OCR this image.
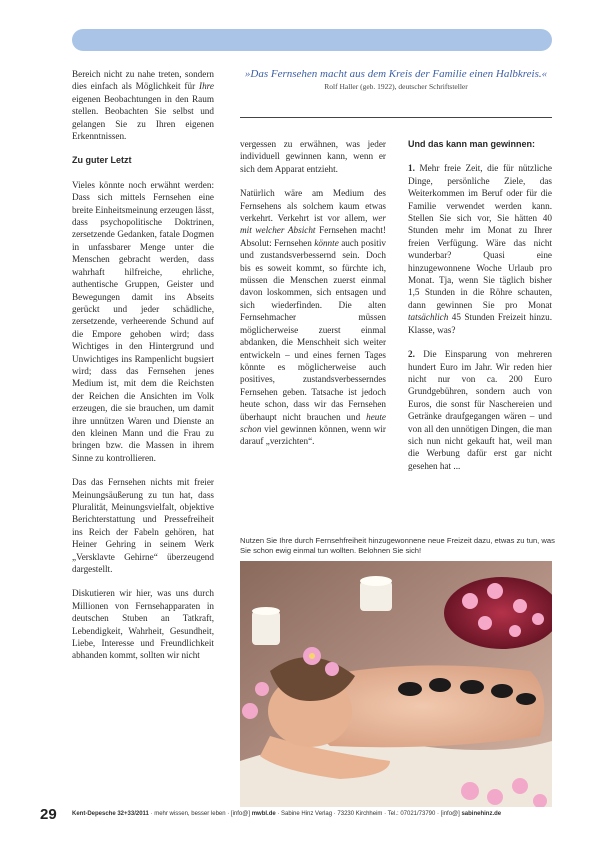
Bereich nicht zu nahe treten, sondern dies einfach als Möglichkeit für Ihre eigenen Beobachtungen in den Raum stellen. Beobachten Sie selbst und gelangen Sie zu Ihren eigenen Erkenntnissen.

Zu guter Letzt

Vieles könnte noch erwähnt werden: Dass sich mittels Fernsehen eine breite Einheitsmeinung erzeugen lässt, dass psychopolitische Doktrinen, zersetzende Gedanken, fatale Dogmen in unfassbarer Menge unter die Menschen gebracht werden, dass wahrhaft hilfreiche, ehrliche, authentische Gruppen, Geister und Bewegungen damit ins Abseits gerückt und jeder schädliche, zersetzende, verheerende Schund auf die Empore gehoben wird; dass Wichtiges in den Hintergrund und Unwichtiges ins Rampenlicht bugsiert wird; dass das Fernsehen jenes Medium ist, mit dem die Reichsten der Reichen die Ansichten im Volk erzeugen, die sie brauchen, um damit ihre unnützen Waren und Dienste an den kleinen Mann und die Frau zu bringen bzw. die Massen in ihrem Sinne zu kontrollieren.

Das das Fernsehen nichts mit freier Meinungsäußerung zu tun hat, dass Pluralität, Meinungsvielfalt, objektive Berichterstattung und Pressefreiheit ins Reich der Fabeln gehören, hat Heiner Gehring in seinem Werk „Versklavte Gehirne“ überzeugend dargestellt.

Diskutieren wir hier, was uns durch Millionen von Fernsehapparaten in deutschen Stuben an Tatkraft, Lebendigkeit, Wahrheit, Gesundheit, Liebe, Interesse und Freundlichkeit abhanden kommt, sollten wir nicht

»Das Fernsehen macht aus dem Kreis der Familie einen Halbkreis.«
Rolf Haller (geb. 1922), deutscher Schriftsteller

vergessen zu erwähnen, was jeder individuell gewinnen kann, wenn er sich dem Apparat entzieht.

Natürlich wäre am Medium des Fernsehens als solchem kaum etwas verkehrt. Verkehrt ist vor allem, wer mit welcher Absicht Fernsehen macht! Absolut: Fernsehen könnte auch positiv und zustandsverbessernd sein. Doch bis es soweit kommt, so fürchte ich, müssen die Menschen zuerst einmal davon loskommen, sich entsagen und sich wiederfinden. Die alten Fernsehmacher müssen möglicherweise zuerst einmal abdanken, die Menschheit sich weiter entwickeln – und eines fernen Tages könnte es möglicherweise auch positives, zustandsverbesserndes Fernsehen geben. Tatsache ist jedoch heute schon, dass wir das Fernsehen überhaupt nicht brauchen und heute schon viel gewinnen können, wenn wir darauf „verzichten“.

Und das kann man gewinnen:

1. Mehr freie Zeit, die für nützliche Dinge, persönliche Ziele, das Weiterkommen im Beruf oder für die Familie verwendet werden kann. Stellen Sie sich vor, Sie hätten 40 Stunden mehr im Monat zu Ihrer freien Verfügung. Wäre das nicht wunderbar? Quasi eine hinzugewonnene Woche Urlaub pro Monat. Tja, wenn Sie täglich bisher 1,5 Stunden in die Röhre schauten, dann gewinnen Sie pro Monat tatsächlich 45 Stunden Freizeit hinzu. Klasse, was?

2. Die Einsparung von mehreren hundert Euro im Jahr. Wir reden hier nicht nur von ca. 200 Euro Grundgebühren, sondern auch von Euros, die sonst für Naschereien und Getränke draufgegangen wären – und von all den unnötigen Dingen, die man sich nun nicht gekauft hat, weil man die Werbung dafür erst gar nicht gesehen hat ...

Nutzen Sie Ihre durch Fernsehfreiheit hinzugewonnene neue Freizeit dazu, etwas zu tun, was Sie schon ewig einmal tun wollten. Belohnen Sie sich!
29	Kent-Depesche 32+33/2011 · mehr wissen, besser leben · [info@] mwbl.de · Sabine Hinz Verlag · 73230 Kirchheim · Tel.: 07021/73790 · [info@] sabinehinz.de
